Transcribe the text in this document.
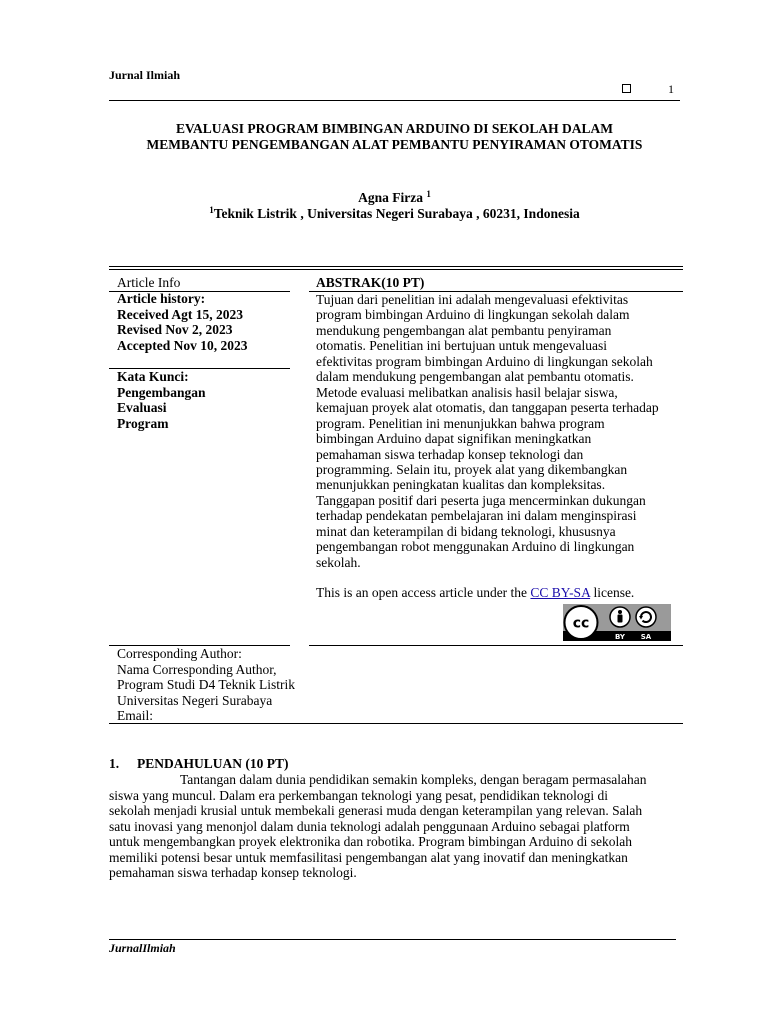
Jurnal Ilmiah
1
EVALUASI PROGRAM BIMBINGAN ARDUINO DI SEKOLAH DALAM
MEMBANTU PENGEMBANGAN ALAT PEMBANTU PENYIRAMAN OTOMATIS
Agna Firza $^1$
$^1$Teknik Listrik , Universitas Negeri Surabaya , 60231, Indonesia
Article Info
Article history:
Received Agt 15, 2023
Revised Nov 2, 2023
Accepted Nov 10, 2023
Kata Kunci:
Pengembangan
Evaluasi
Program
ABSTRAK(10 PT)
Tujuan dari penelitian ini adalah mengevaluasi efektivitas
program bimbingan Arduino di lingkungan sekolah dalam
mendukung pengembangan alat pembantu penyiraman
otomatis. Penelitian ini bertujuan untuk mengevaluasi
efektivitas program bimbingan Arduino di lingkungan sekolah
dalam mendukung pengembangan alat pembantu otomatis.
Metode evaluasi melibatkan analisis hasil belajar siswa,
kemajuan proyek alat otomatis, dan tanggapan peserta terhadap
program. Penelitian ini menunjukkan bahwa program
bimbingan Arduino dapat signifikan meningkatkan
pemahaman siswa terhadap konsep teknologi dan
programming. Selain itu, proyek alat yang dikembangkan
menunjukkan peningkatan kualitas dan kompleksitas.
Tanggapan positif dari peserta juga mencerminkan dukungan
terhadap pendekatan pembelajaran ini dalam menginspirasi
minat dan keterampilan di bidang teknologi, khususnya
pengembangan robot menggunakan Arduino di lingkungan
sekolah.
This is an open access article under the CC BY-SA license.
cc
BY SA
Corresponding Author:
Nama Corresponding Author,
Program Studi D4 Teknik Listrik
Universitas Negeri Surabaya
Email:
1. PENDAHULUAN (10 PT)
Tantangan dalam dunia pendidikan semakin kompleks, dengan beragam permasalahan
siswa yang muncul. Dalam era perkembangan teknologi yang pesat, pendidikan teknologi di
sekolah menjadi krusial untuk membekali generasi muda dengan keterampilan yang relevan. Salah
satu inovasi yang menonjol dalam dunia teknologi adalah penggunaan Arduino sebagai platform
untuk mengembangkan proyek elektronika dan robotika. Program bimbingan Arduino di sekolah
memiliki potensi besar untuk memfasilitasi pengembangan alat yang inovatif dan meningkatkan
pemahaman siswa terhadap konsep teknologi.
JurnalIlmiah
